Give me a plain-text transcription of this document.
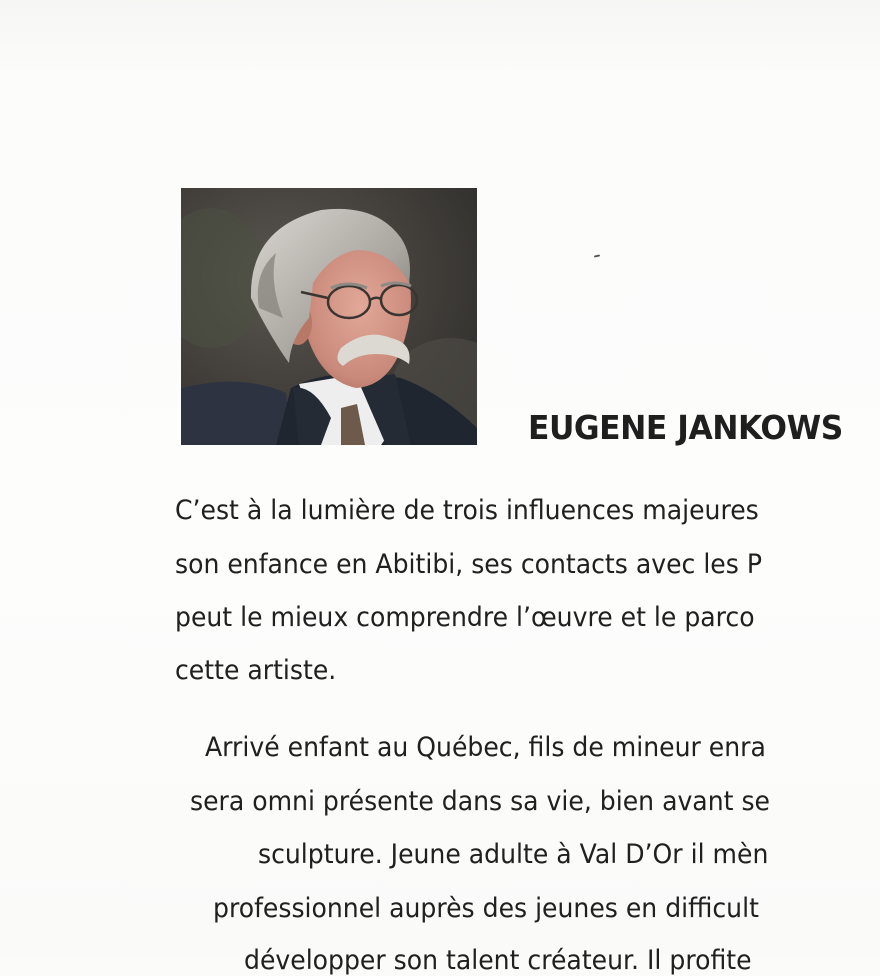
EUGENE JANKOWS

C’est à la lumière de trois influences majeures

son enfance en Abitibi, ses contacts avec les P

peut le mieux comprendre l’œuvre et le parco

cette artiste.

Arrivé enfant au Québec, fils de mineur enra

sera omni présente dans sa vie, bien avant se

sculpture. Jeune adulte à Val D’Or il mèn

professionnel auprès des jeunes en difficult

développer son talent créateur. Il profite
